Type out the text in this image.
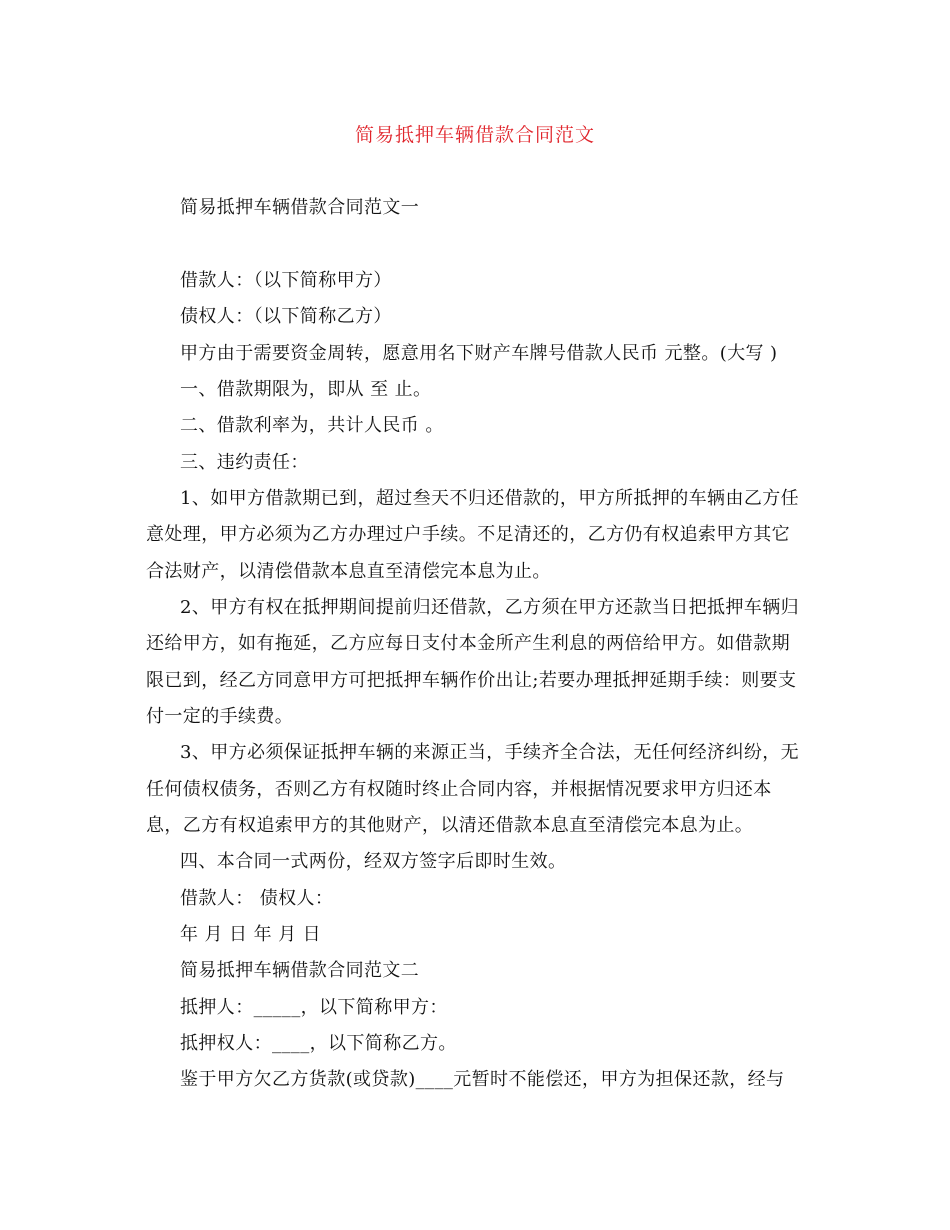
简易抵押车辆借款合同范文
简易抵押车辆借款合同范文一
借款人：（以下简称甲方）
债权人：（以下简称乙方）
甲方由于需要资金周转，愿意用名下财产车牌号借款人民币 元整。(大写 )
一、借款期限为，即从 至 止。
二、借款利率为，共计人民币 。
三、违约责任：
1、如甲方借款期已到，超过叁天不归还借款的，甲方所抵押的车辆由乙方任
意处理，甲方必须为乙方办理过户手续。不足清还的，乙方仍有权追索甲方其它
合法财产，以清偿借款本息直至清偿完本息为止。
2、甲方有权在抵押期间提前归还借款，乙方须在甲方还款当日把抵押车辆归
还给甲方，如有拖延，乙方应每日支付本金所产生利息的两倍给甲方。如借款期
限已到，经乙方同意甲方可把抵押车辆作价出让;若要办理抵押延期手续：则要支
付一定的手续费。
3、甲方必须保证抵押车辆的来源正当，手续齐全合法，无任何经济纠纷，无
任何债权债务，否则乙方有权随时终止合同内容，并根据情况要求甲方归还本
息，乙方有权追索甲方的其他财产，以清还借款本息直至清偿完本息为止。
四、本合同一式两份，经双方签字后即时生效。
借款人： 债权人：
年 月 日 年 月 日
简易抵押车辆借款合同范文二
抵押人：_____，以下简称甲方：
抵押权人：____，以下简称乙方。
鉴于甲方欠乙方货款(或贷款)____元暂时不能偿还，甲方为担保还款，经与
